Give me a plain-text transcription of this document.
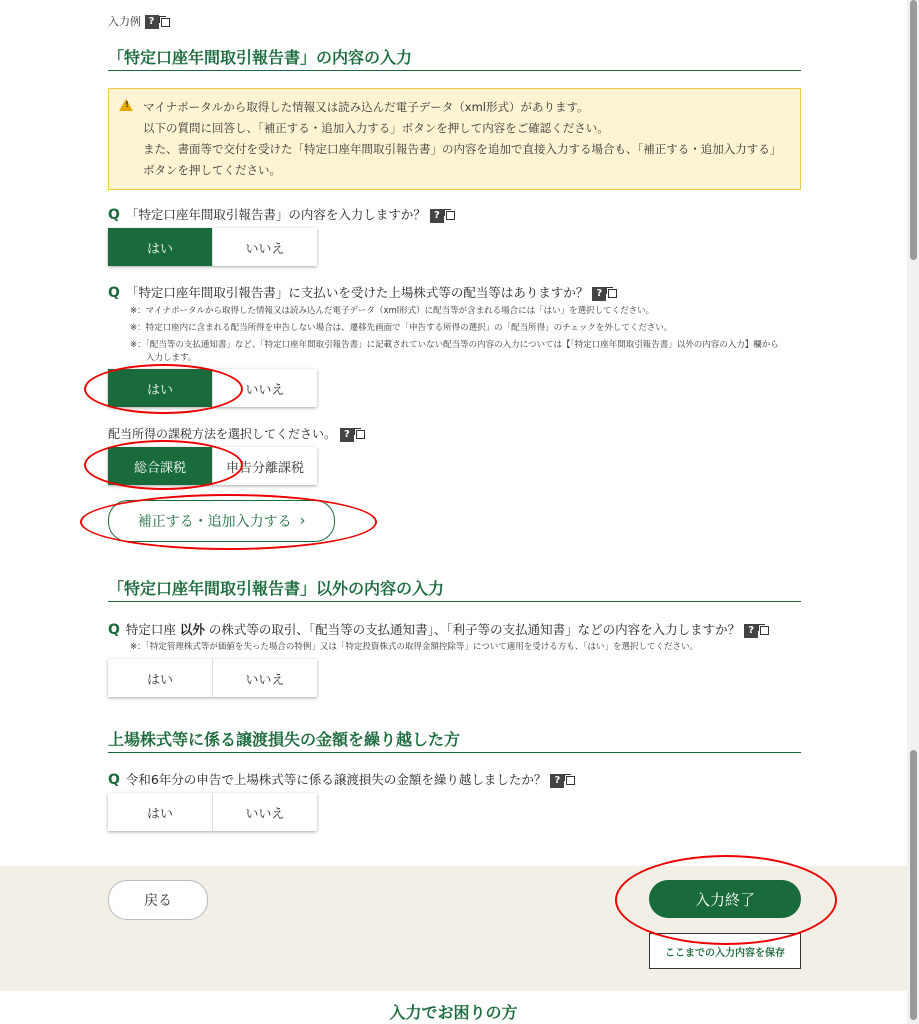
入力例 ?
「特定口座年間取引報告書」の内容の入力
!	マイナポータルから取得した情報又は読み込んだ電子データ（xml形式）があります。
以下の質問に回答し、「補正する・追加入力する」ボタンを押して内容をご確認ください。
また、書面等で交付を受けた「特定口座年間取引報告書」の内容を追加で直接入力する場合も、「補正する・追加入力する」
ボタンを押してください。
Q 「特定口座年間取引報告書」の内容を入力しますか？ ?
はい	いいえ
Q 「特定口座年間取引報告書」に支払いを受けた上場株式等の配当等はありますか？ ?
※：マイナポータルから取得した情報又は読み込んだ電子データ（xml形式）に配当等が含まれる場合には「はい」を選択してください。
※：特定口座内に含まれる配当所得を申告しない場合は、遷移先画面で「申告する所得の選択」の「配当所得」のチェックを外してください。
※：「配当等の支払通知書」など、「特定口座年間取引報告書」に記載されていない配当等の内容の入力については【「特定口座年間取引報告書」以外の内容の入力】欄から
入力します。
はい	いいえ
配当所得の課税方法を選択してください。 ?
総合課税	申告分離課税
補正する・追加入力する ›
「特定口座年間取引報告書」以外の内容の入力
Q 特定口座 以外 の株式等の取引、「配当等の支払通知書」、「利子等の支払通知書」などの内容を入力しますか？ ?
※：「特定管理株式等が価値を失った場合の特例」又は「特定投資株式の取得金額控除等」について適用を受ける方も、「はい」を選択してください。
はい	いいえ
上場株式等に係る譲渡損失の金額を繰り越した方
Q 令和6年分の申告で上場株式等に係る譲渡損失の金額を繰り越しましたか？ ?
はい	いいえ
戻る	入力終了
ここまでの入力内容を保存
入力でお困りの方
